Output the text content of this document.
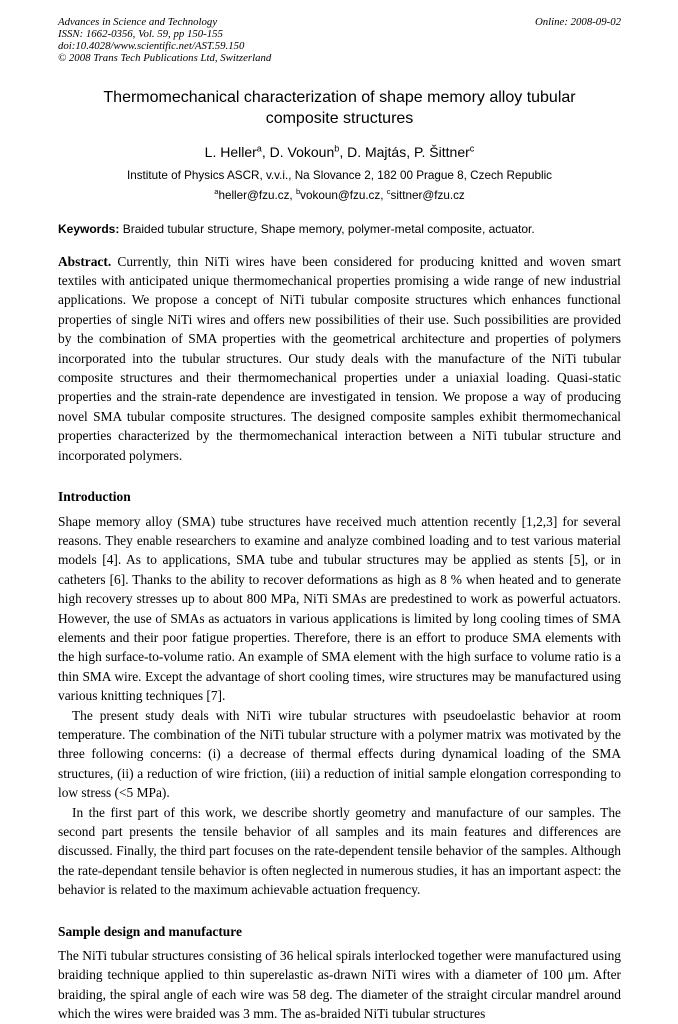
Advances in Science and Technology
ISSN: 1662-0356, Vol. 59, pp 150-155
doi:10.4028/www.scientific.net/AST.59.150
© 2008 Trans Tech Publications Ltd, Switzerland
Online: 2008-09-02
Thermomechanical characterization of shape memory alloy tubular composite structures
L. Heller$^a$, D. Vokoun$^b$, D. Majtás, P. Šittner$^c$
Institute of Physics ASCR, v.v.i., Na Slovance 2, 182 00 Prague 8, Czech Republic
$^a$heller@fzu.cz, $^b$vokoun@fzu.cz, $^c$sittner@fzu.cz

Keywords: Braided tubular structure, Shape memory, polymer-metal composite, actuator.

Abstract. Currently, thin NiTi wires have been considered for producing knitted and woven smart textiles with anticipated unique thermomechanical properties promising a wide range of new industrial applications. We propose a concept of NiTi tubular composite structures which enhances functional properties of single NiTi wires and offers new possibilities of their use. Such possibilities are provided by the combination of SMA properties with the geometrical architecture and properties of polymers incorporated into the tubular structures. Our study deals with the manufacture of the NiTi tubular composite structures and their thermomechanical properties under a uniaxial loading. Quasi-static properties and the strain-rate dependence are investigated in tension. We propose a way of producing novel SMA tubular composite structures. The designed composite samples exhibit thermomechanical properties characterized by the thermomechanical interaction between a NiTi tubular structure and incorporated polymers.

Introduction

Shape memory alloy (SMA) tube structures have received much attention recently [1,2,3] for several reasons. They enable researchers to examine and analyze combined loading and to test various material models [4]. As to applications, SMA tube and tubular structures may be applied as stents [5], or in catheters [6]. Thanks to the ability to recover deformations as high as 8 % when heated and to generate high recovery stresses up to about 800 MPa, NiTi SMAs are predestined to work as powerful actuators. However, the use of SMAs as actuators in various applications is limited by long cooling times of SMA elements and their poor fatigue properties. Therefore, there is an effort to produce SMA elements with the high surface-to-volume ratio. An example of SMA element with the high surface to volume ratio is a thin SMA wire. Except the advantage of short cooling times, wire structures may be manufactured using various knitting techniques [7].

The present study deals with NiTi wire tubular structures with pseudoelastic behavior at room temperature. The combination of the NiTi tubular structure with a polymer matrix was motivated by the three following concerns: (i) a decrease of thermal effects during dynamical loading of the SMA structures, (ii) a reduction of wire friction, (iii) a reduction of initial sample elongation corresponding to low stress (<5 MPa).

In the first part of this work, we describe shortly geometry and manufacture of our samples. The second part presents the tensile behavior of all samples and its main features and differences are discussed. Finally, the third part focuses on the rate-dependent tensile behavior of the samples. Although the rate-dependant tensile behavior is often neglected in numerous studies, it has an important aspect: the behavior is related to the maximum achievable actuation frequency.

Sample design and manufacture

The NiTi tubular structures consisting of 36 helical spirals interlocked together were manufactured using braiding technique applied to thin superelastic as-drawn NiTi wires with a diameter of 100 μm. After braiding, the spiral angle of each wire was 58 deg. The diameter of the straight circular mandrel around which the wires were braided was 3 mm. The as-braided NiTi tubular structures
